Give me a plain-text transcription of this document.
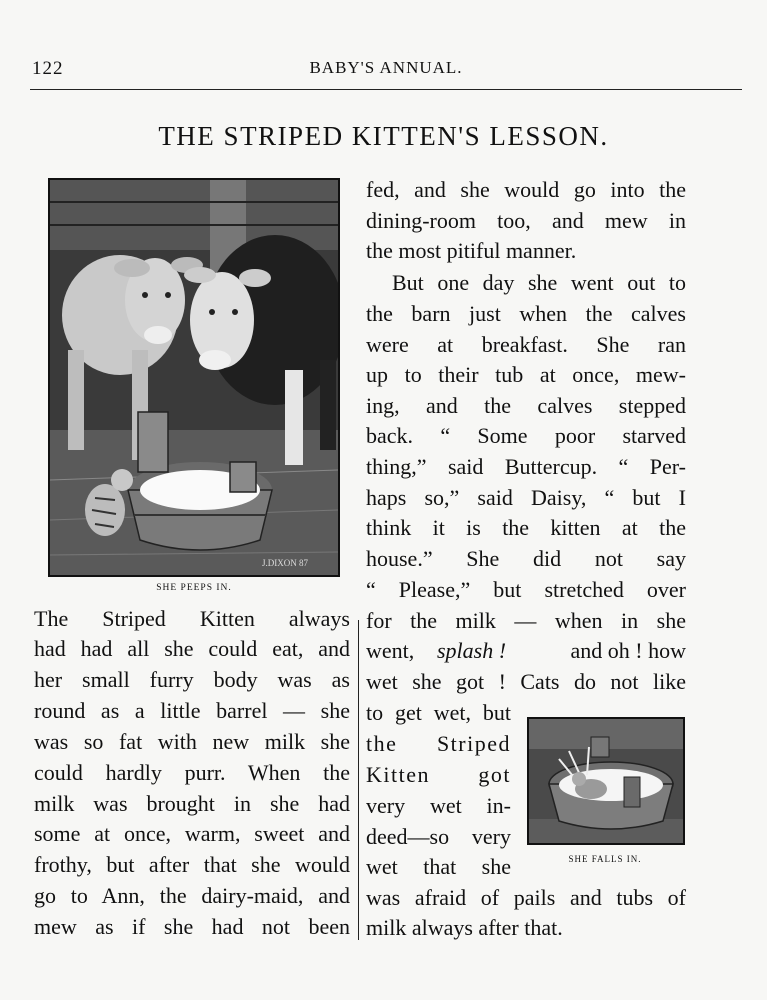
122	BABY'S ANNUAL.
THE STRIPED KITTEN'S LESSON.
J.DIXON 87
SHE PEEPS IN.
The Striped Kitten always
had had all she could eat, and
her small furry body was as
round as a little barrel — she
was so fat with new milk she
could hardly purr. When the
milk was brought in she had
some at once, warm, sweet and
frothy, but after that she would
go to Ann, the dairy-maid, and
mew as if she had not been
fed, and she would go into the
dining-room too, and mew in
the most pitiful manner.
But one day she went out to
the barn just when the calves
were at breakfast. She ran
up to their tub at once, mew-
ing, and the calves stepped
back. “ Some poor starved
thing,” said Buttercup. “ Per-
haps so,” said Daisy, “ but I
think it is the kitten at the
house.” She did not say
“ Please,” but stretched over
for the milk — when in she
went, splash !	and oh ! how
wet she got ! Cats do not like
to get wet, but
the Striped
Kitten got
very wet in-
deed—so very
wet that she
was afraid of pails and tubs of
milk always after that.
SHE FALLS IN.
